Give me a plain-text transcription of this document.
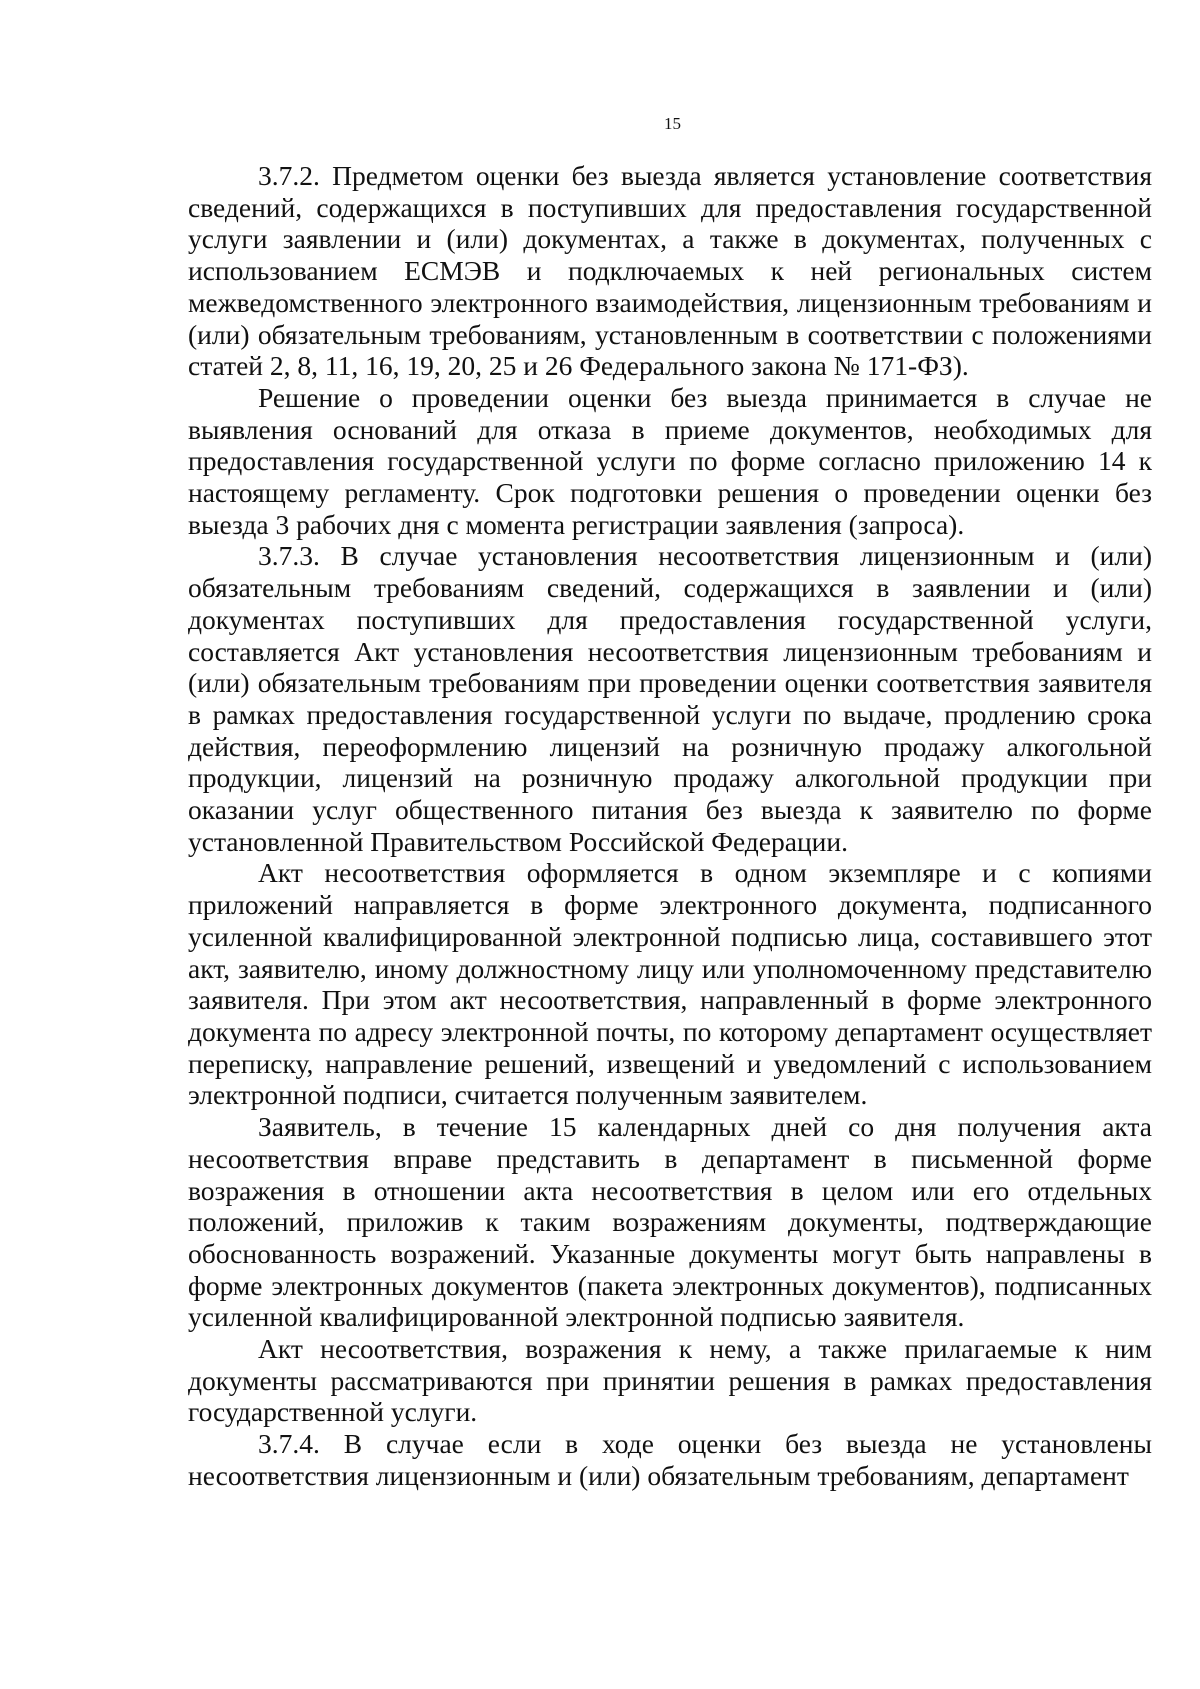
15

3.7.2. Предметом оценки без выезда является установление соответствия сведений, содержащихся в поступивших для предоставления государственной услуги заявлении и (или) документах, а также в документах, полученных с использованием ЕСМЭВ и подключаемых к ней региональных систем межведомственного электронного взаимодействия, лицензионным требованиям и (или) обязательным требованиям, установленным в соответствии с положениями статей 2, 8, 11, 16, 19, 20, 25 и 26 Федерального закона № 171-ФЗ).

Решение о проведении оценки без выезда принимается в случае не выявления оснований для отказа в приеме документов, необходимых для предоставления государственной услуги по форме согласно приложению 14 к настоящему регламенту. Срок подготовки решения о проведении оценки без выезда 3 рабочих дня с момента регистрации заявления (запроса).

3.7.3. В случае установления несоответствия лицензионным и (или) обязательным требованиям сведений, содержащихся в заявлении и (или) документах поступивших для предоставления государственной услуги, составляется Акт установления несоответствия лицензионным требованиям и (или) обязательным требованиям при проведении оценки соответствия заявителя в рамках предоставления государственной услуги по выдаче, продлению срока действия, переоформлению лицензий на розничную продажу алкогольной продукции, лицензий на розничную продажу алкогольной продукции при оказании услуг общественного питания без выезда к заявителю по форме установленной Правительством Российской Федерации.

Акт несоответствия оформляется в одном экземпляре и с копиями приложений направляется в форме электронного документа, подписанного усиленной квалифицированной электронной подписью лица, составившего этот акт, заявителю, иному должностному лицу или уполномоченному представителю заявителя. При этом акт несоответствия, направленный в форме электронного документа по адресу электронной почты, по которому департамент осуществляет переписку, направление решений, извещений и уведомлений с использованием электронной подписи, считается полученным заявителем.

Заявитель, в течение 15 календарных дней со дня получения акта несоответствия вправе представить в департамент в письменной форме возражения в отношении акта несоответствия в целом или его отдельных положений, приложив к таким возражениям документы, подтверждающие обоснованность возражений. Указанные документы могут быть направлены в форме электронных документов (пакета электронных документов), подписанных усиленной квалифицированной электронной подписью заявителя.

Акт несоответствия, возражения к нему, а также прилагаемые к ним документы рассматриваются при принятии решения в рамках предоставления государственной услуги.

3.7.4. В случае если в ходе оценки без выезда не установлены несоответствия лицензионным и (или) обязательным требованиям, департамент
